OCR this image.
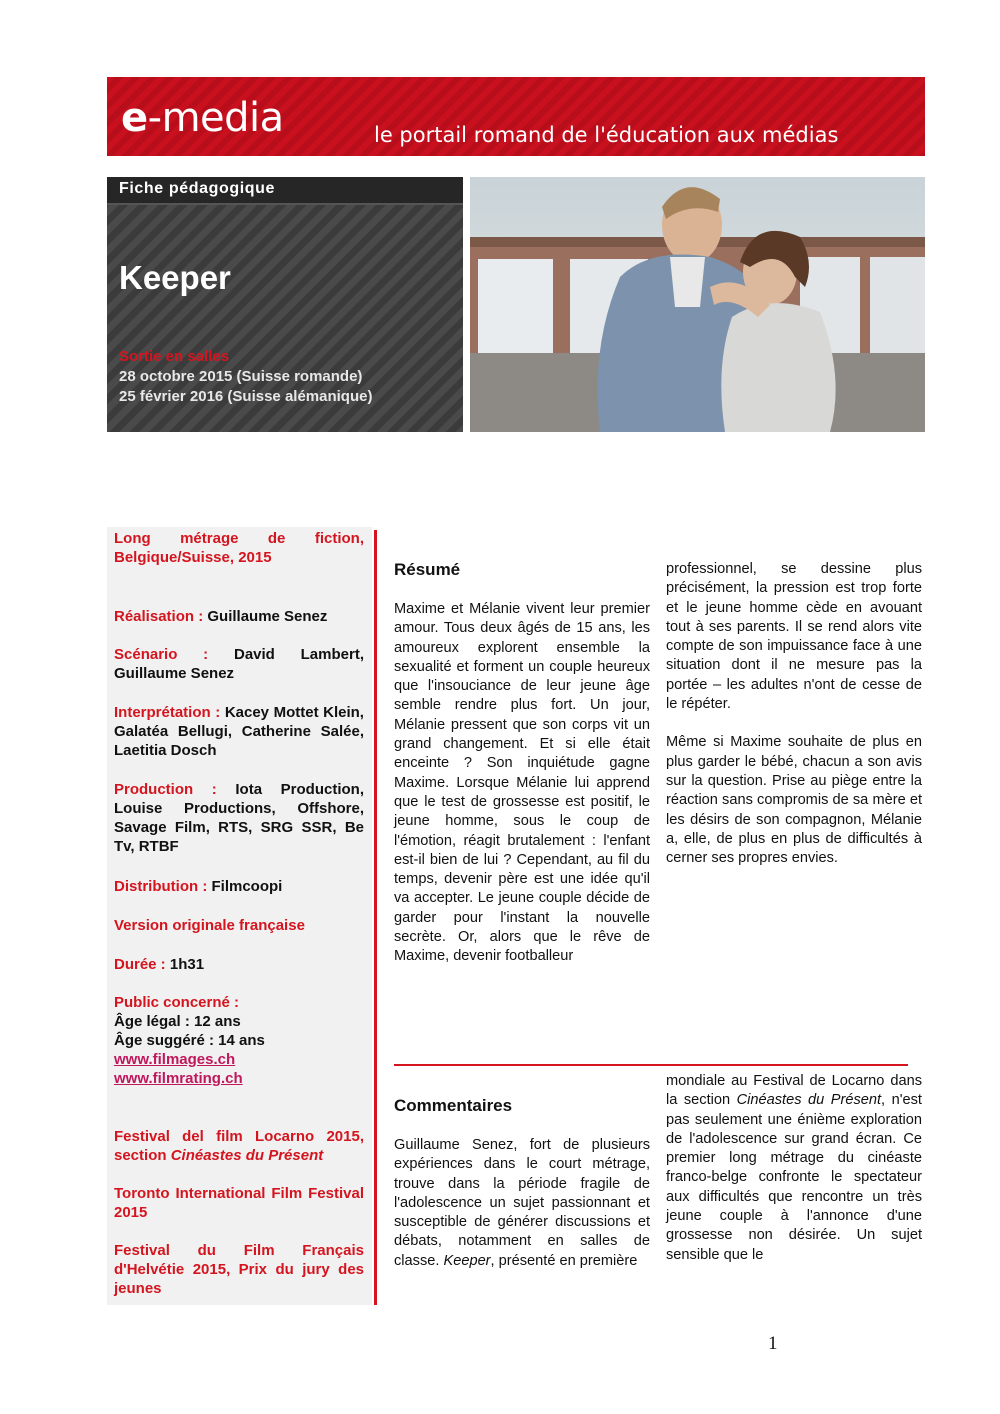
e-media	le portail romand de l'éducation aux médias
Fiche pédagogique
Keeper
Sortie en salles
28 octobre 2015 (Suisse romande)
25 février 2016 (Suisse alémanique)
Long métrage de fiction, Belgique/Suisse, 2015
Réalisation : Guillaume Senez
Scénario : David Lambert, Guillaume Senez
Interprétation : Kacey Mottet Klein, Galatéa Bellugi, Catherine Salée, Laetitia Dosch
Production : Iota Production, Louise Productions, Offshore, Savage Film, RTS, SRG SSR, Be Tv, RTBF
Distribution : Filmcoopi
Version originale française
Durée : 1h31
Public concerné :
Âge légal : 12 ans
Âge suggéré : 14 ans
www.filmages.ch
www.filmrating.ch
Festival del film Locarno 2015, section Cinéastes du Présent
Toronto International Film Festival 2015
Festival du Film Français d'Helvétie 2015, Prix du jury des jeunes
Résumé
Maxime et Mélanie vivent leur premier amour. Tous deux âgés de 15 ans, les amoureux explorent ensemble la sexualité et forment un couple heureux que l'insouciance de leur jeune âge semble rendre plus fort. Un jour, Mélanie pressent que son corps vit un grand changement. Et si elle était enceinte ? Son inquiétude gagne Maxime. Lorsque Mélanie lui apprend que le test de grossesse est positif, le jeune homme, sous le coup de l'émotion, réagit brutalement : l'enfant est-il bien de lui ? Cependant, au fil du temps, devenir père est une idée qu'il va accepter. Le jeune couple décide de garder pour l'instant la nouvelle secrète. Or, alors que le rêve de Maxime, devenir footballeur
professionnel, se dessine plus précisément, la pression est trop forte et le jeune homme cède en avouant tout à ses parents. Il se rend alors vite compte de son impuissance face à une situation dont il ne mesure pas la portée – les adultes n'ont de cesse de le répéter.
Même si Maxime souhaite de plus en plus garder le bébé, chacun a son avis sur la question. Prise au piège entre la réaction sans compromis de sa mère et les désirs de son compagnon, Mélanie a, elle, de plus en plus de difficultés à cerner ses propres envies.
Commentaires
Guillaume Senez, fort de plusieurs expériences dans le court métrage, trouve dans la période fragile de l'adolescence un sujet passionnant et susceptible de générer discussions et débats, notamment en salles de classe. Keeper, présenté en première
mondiale au Festival de Locarno dans la section Cinéastes du Présent, n'est pas seulement une énième exploration de l'adolescence sur grand écran. Ce premier long métrage du cinéaste franco-belge confronte le spectateur aux difficultés que rencontre un très jeune couple à l'annonce d'une grossesse non désirée. Un sujet sensible que le
1
